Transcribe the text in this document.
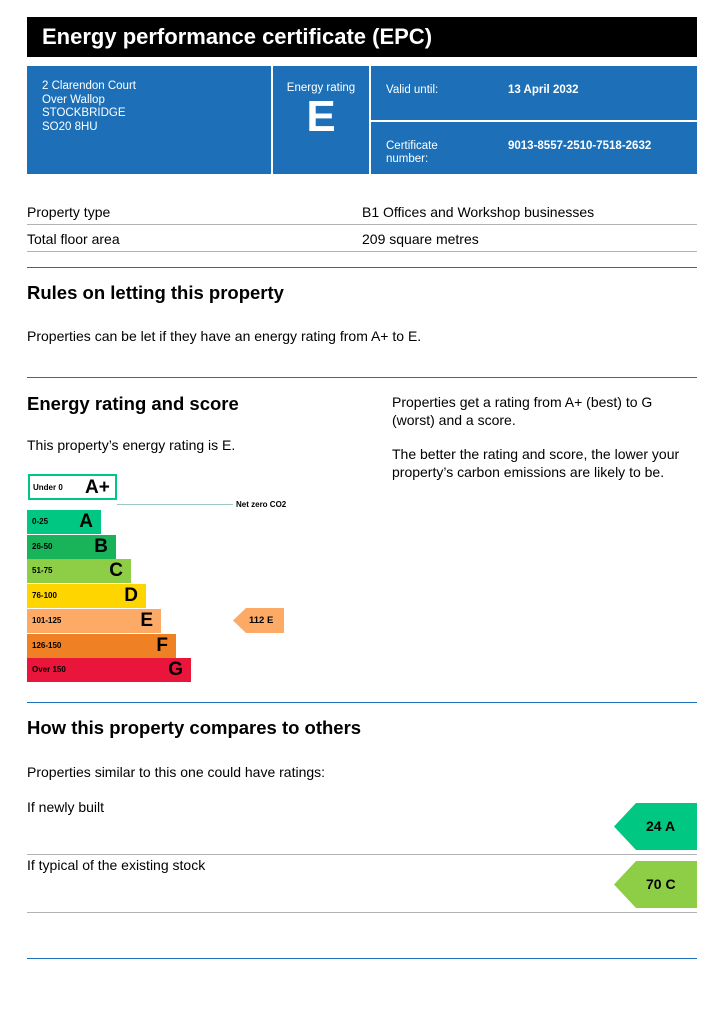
Energy performance certificate (EPC)
2 Clarendon Court
Over Wallop
STOCKBRIDGE
SO20 8HU
Energy rating
E
Valid until:	13 April 2032
Certificate
number:
9013-8557-2510-7518-2632
Property type	B1 Offices and Workshop businesses
Total floor area	209 square metres
Rules on letting this property
Properties can be let if they have an energy rating from A+ to E.
Energy rating and score
This property’s energy rating is E.
Properties get a rating from A+ (best) to G
(worst) and a score.
The better the rating and score, the lower your
property’s carbon emissions are likely to be.
Under 0 A+
Net zero CO2
0-25 A
26-50 B
51-75	C
76-100	D
101-125	E
126-150	F
Over 150	G
112 E
How this property compares to others
Properties similar to this one could have ratings:
If newly built
24 A
If typical of the existing stock
70 C
